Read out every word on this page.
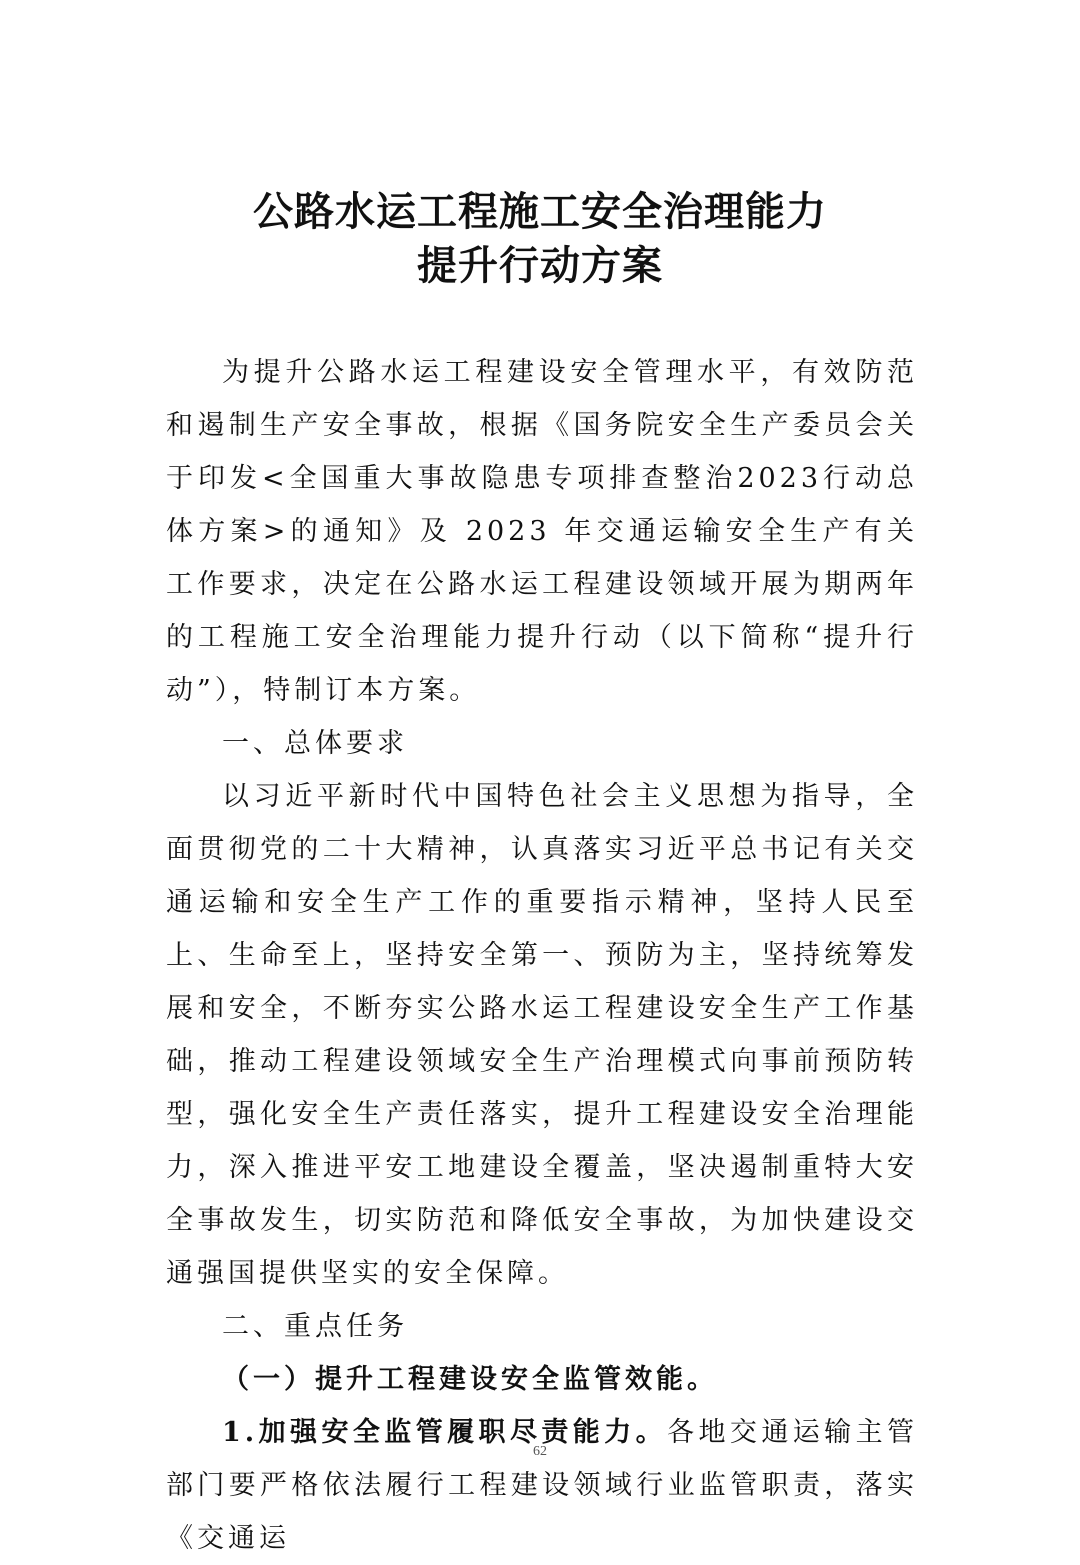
公路水运工程施工安全治理能力
提升行动方案

为提升公路水运工程建设安全管理水平，有效防范和遏制生产安全事故，根据《国务院安全生产委员会关于印发<全国重大事故隐患专项排查整治2023行动总体方案>的通知》及 2023 年交通运输安全生产有关工作要求，决定在公路水运工程建设领域开展为期两年的工程施工安全治理能力提升行动（以下简称“提升行动”），特制订本方案。

一、总体要求

以习近平新时代中国特色社会主义思想为指导，全面贯彻党的二十大精神，认真落实习近平总书记有关交通运输和安全生产工作的重要指示精神，坚持人民至上、生命至上，坚持安全第一、预防为主，坚持统筹发展和安全，不断夯实公路水运工程建设安全生产工作基础，推动工程建设领域安全生产治理模式向事前预防转型，强化安全生产责任落实，提升工程建设安全治理能力，深入推进平安工地建设全覆盖，坚决遏制重特大安全事故发生，切实防范和降低安全事故，为加快建设交通强国提供坚实的安全保障。

二、重点任务

（一）提升工程建设安全监管效能。

1.加强安全监管履职尽责能力。各地交通运输主管部门要严格依法履行工程建设领域行业监管职责，落实《交通运

62
